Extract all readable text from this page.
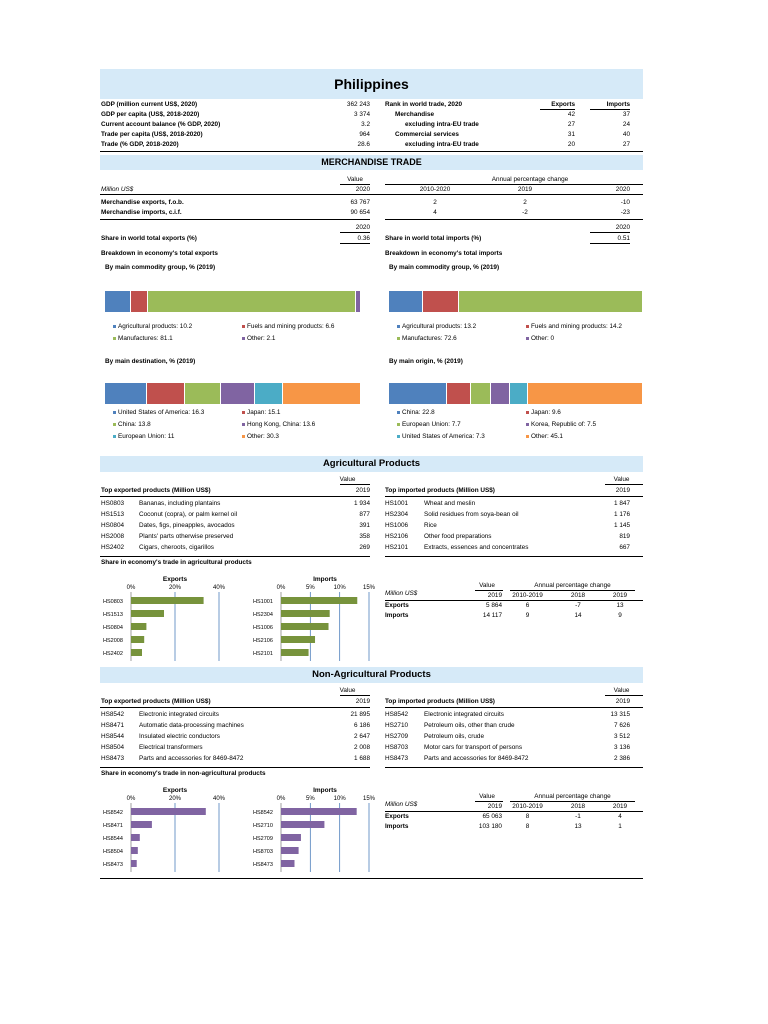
Philippines
GDP (million current US$, 2020)	362 243
GDP per capita (US$, 2018-2020)	3 374
Current account balance (% GDP, 2020)	3.2
Trade per capita (US$, 2018-2020)	964
Trade (% GDP, 2018-2020)	28.6
Rank in world trade, 2020	Exports	Imports
Merchandise	42	37
excluding intra-EU trade	27	24
Commercial services	31	40
excluding intra-EU trade	20	27
MERCHANDISE TRADE
Value	Annual percentage change
2020	2010-2020	2019	2020
Million US$
Merchandise exports, f.o.b.	63 767	2	2	-10
Merchandise imports, c.i.f.	90 654	4	-2	-23
2020	2020
Share in world total exports (%)	0.36 Share in world total imports (%)	0.51
Breakdown in economy's total exports	Breakdown in economy's total imports
By main commodity group, % (2019)	By main commodity group, % (2019)
By main destination, % (2019)	By main origin, % (2019)
Agricultural products: 10.2	Fuels and mining products: 6.6
Manufactures: 81.1	Other: 2.1
Agricultural products: 13.2	Fuels and mining products: 14.2
Manufactures: 72.6	Other: 0
United States of America: 16.3	Japan: 15.1
China: 13.8	Hong Kong, China: 13.6
European Union: 11	Other: 30.3
China: 22.8	Japan: 9.6
European Union: 7.7	Korea, Republic of: 7.5
United States of America: 7.3	Other: 45.1
Agricultural Products
Value	Value
Top exported products (Million US$)	2019 Top imported products (Million US$)	2019
HS0803 Bananas, including plantains	1 934
HS1513 Coconut (copra), or palm kernel oil	877
HS0804 Dates, figs, pineapples, avocados	391
HS2008 Plants' parts otherwise preserved	358
HS2402 Cigars, cheroots, cigarillos	269
HS1001 Wheat and meslin	1 847
HS2304 Solid residues from soya-bean oil	1 176
HS1006 Rice	1 145
HS2106 Other food preparations	819
HS2101 Extracts, essences and concentrates	667
Share in economy's trade in agricultural products
Value	Annual percentage change
Million US$	2019	2010-2019	2018	2019
Exports	5 864	6	-7	13
Imports	14 117	9	14	9
Exports
0%	20%	40%
HS0803
HS1513
HS0804
HS2008
HS2402
Imports
0%	5%	10%	15%
HS1001
HS2304
HS1006
HS2106
HS2101
Non-Agricultural Products
Value	Value
Top exported products (Million US$)	2019 Top imported products (Million US$)	2019
HS8542 Electronic integrated circuits	21 895
HS8471 Automatic data-processing machines	6 186
HS8544 Insulated electric conductors	2 647
HS8504 Electrical transformers	2 008
HS8473 Parts and accessories for 8469-8472	1 688
HS8542 Electronic integrated circuits	13 315
HS2710 Petroleum oils, other than crude	7 626
HS2709 Petroleum oils, crude	3 512
HS8703 Motor cars for transport of persons	3 136
HS8473 Parts and accessories for 8469-8472	2 386
Share in economy's trade in non-agricultural products
Value	Annual percentage change
Million US$	2019	2010-2019	2018	2019
Exports	65 063	8	-1	4
Imports	103 180	8	13	1
Exports
0%	20%	40%
HS8542
HS8471
HS8544
HS8504
HS8473
Imports
0%	5%	10%	15%
HS8542
HS2710
HS2709
HS8703
HS8473
